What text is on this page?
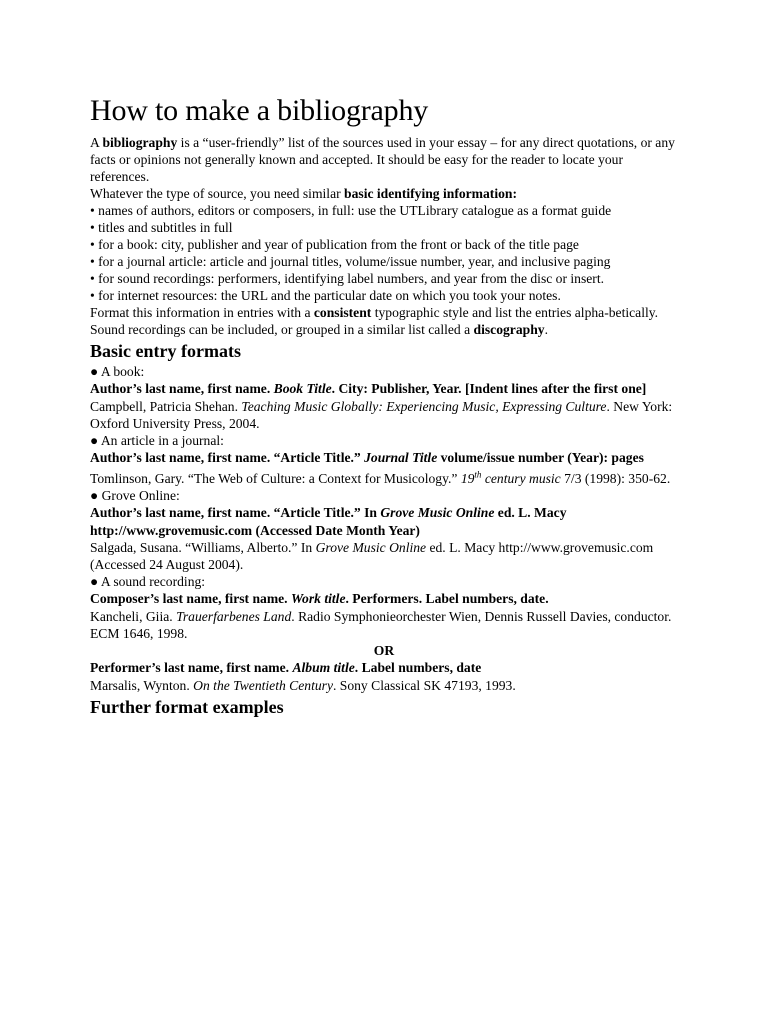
How to make a bibliography

A bibliography is a “user-friendly” list of the sources used in your essay – for any direct quotations, or any facts or opinions not generally known and accepted. It should be easy for the reader to locate your references.

Whatever the type of source, you need similar basic identifying information:

• names of authors, editors or composers, in full: use the UTLibrary catalogue as a format guide

• titles and subtitles in full

• for a book: city, publisher and year of publication from the front or back of the title page

• for a journal article: article and journal titles, volume/issue number, year, and inclusive paging

• for sound recordings: performers, identifying label numbers, and year from the disc or insert.

• for internet resources: the URL and the particular date on which you took your notes.

Format this information in entries with a consistent typographic style and list the entries alpha-betically. Sound recordings can be included, or grouped in a similar list called a discography.

Basic entry formats

● A book:

Author’s last name, first name. Book Title. City: Publisher, Year. [Indent lines after the first one]

Campbell, Patricia Shehan. Teaching Music Globally: Experiencing Music, Expressing Culture. New York: Oxford University Press, 2004.

● An article in a journal:

Author’s last name, first name. “Article Title.” Journal Title volume/issue number (Year): pages

Tomlinson, Gary. “The Web of Culture: a Context for Musicology.” 19th century music 7/3 (1998): 350-62.

● Grove Online:

Author’s last name, first name. “Article Title.” In Grove Music Online ed. L. Macy http://www.grovemusic.com (Accessed Date Month Year)

Salgada, Susana. “Williams, Alberto.” In Grove Music Online ed. L. Macy http://www.grovemusic.com (Accessed 24 August 2004).

● A sound recording:

Composer’s last name, first name. Work title. Performers. Label numbers, date.

Kancheli, Giia. Trauerfarbenes Land. Radio Symphonieorchester Wien, Dennis Russell Davies, conductor. ECM 1646, 1998.

OR

Performer’s last name, first name. Album title. Label numbers, date

Marsalis, Wynton. On the Twentieth Century. Sony Classical SK 47193, 1993.

Further format examples
